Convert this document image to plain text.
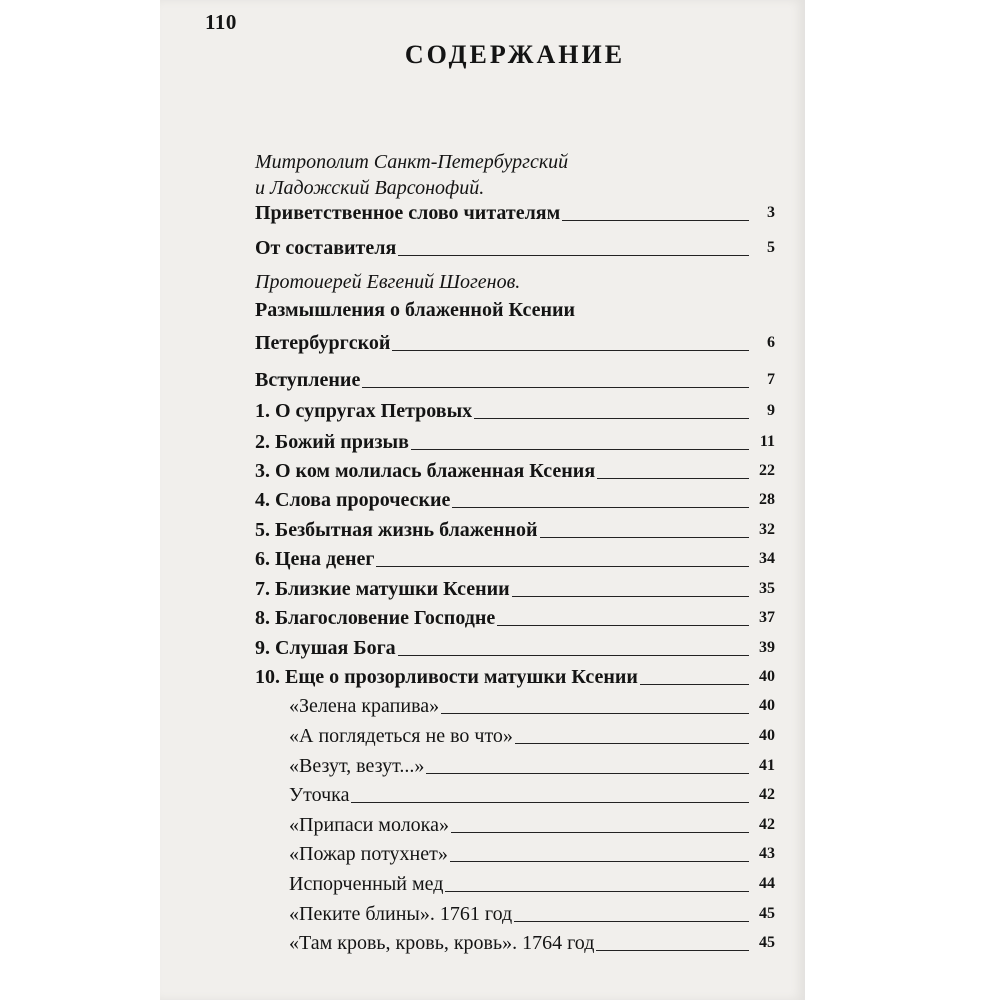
110
СОДЕРЖАНИЕ
Митрополит Санкт-Петербургский
и Ладожский Варсонофий.
Приветственное слово читателям	3
От составителя	5
Протоиерей Евгений Шогенов.
Размышления о блаженной Ксении
Петербургской	6
Вступление	7
1. О супругах Петровых	9
2. Божий призыв	11
3. О ком молилась блаженная Ксения	22
4. Слова пророческие	28
5. Безбытная жизнь блаженной	32
6. Цена денег	34
7. Близкие матушки Ксении	35
8. Благословение Господне	37
9. Слушая Бога	39
10. Еще о прозорливости матушки Ксении	40
«Зелена крапива»	40
«А поглядеться не во что»	40
«Везут, везут...»	41
Уточка	42
«Припаси молока»	42
«Пожар потухнет»	43
Испорченный мед	44
«Пеките блины». 1761 год	45
«Там кровь, кровь, кровь». 1764 год	45
